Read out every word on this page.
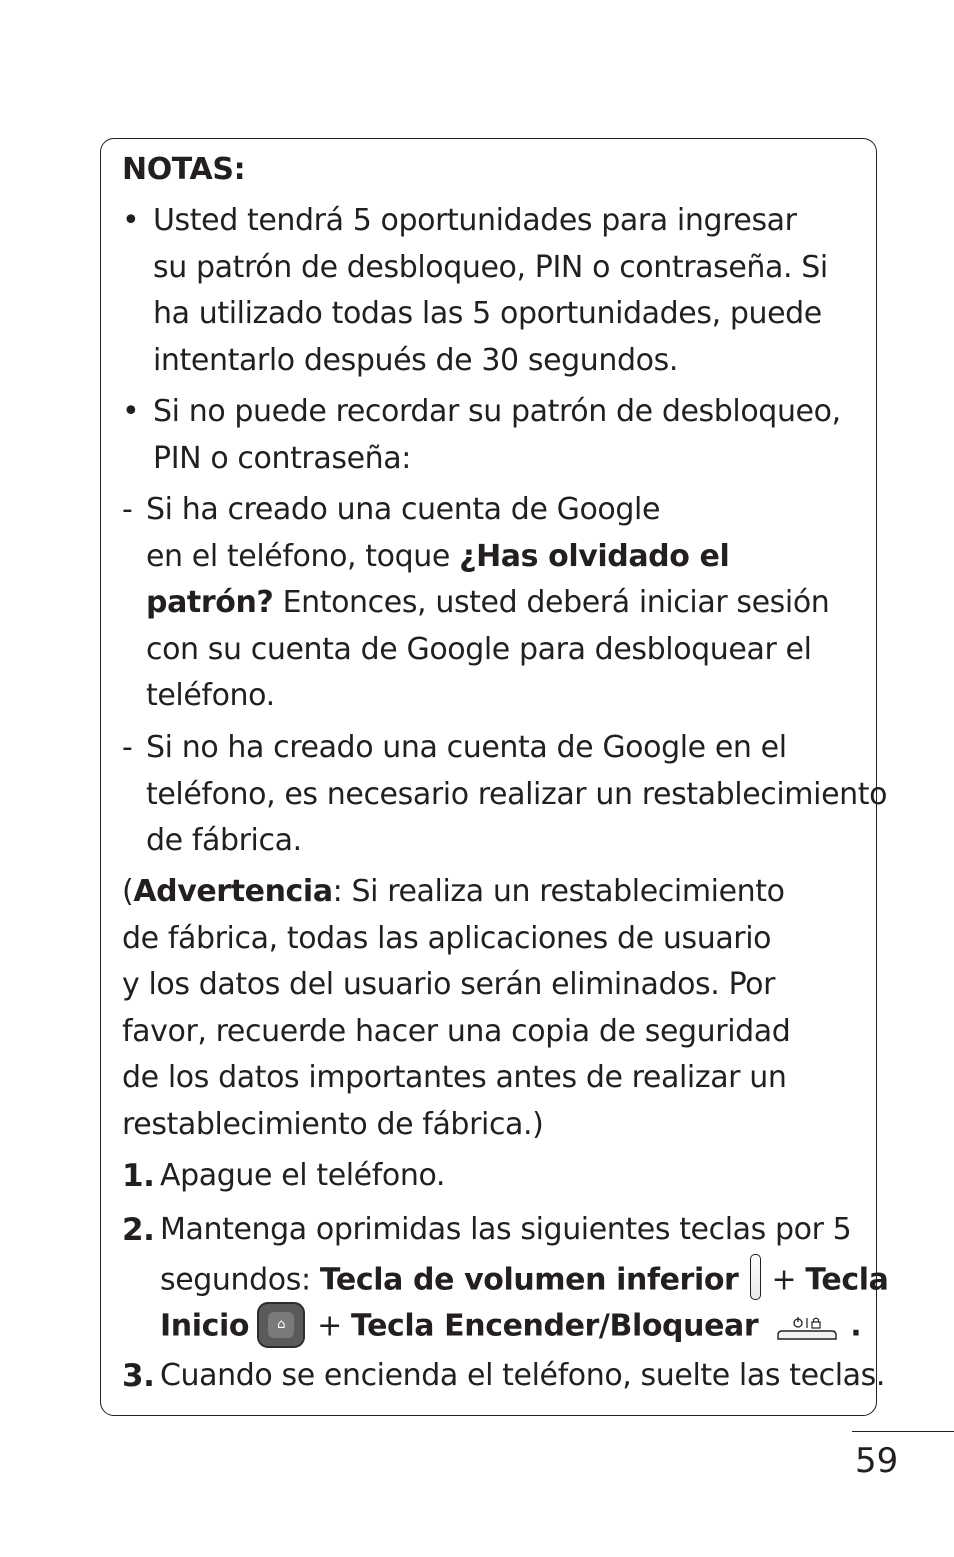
NOTAS:
• Usted tendrá 5 oportunidades para ingresar
su patrón de desbloqueo, PIN o contraseña. Si
ha utilizado todas las 5 oportunidades, puede
intentarlo después de 30 segundos.
• Si no puede recordar su patrón de desbloqueo,
PIN o contraseña:
- Si ha creado una cuenta de Google
en el teléfono, toque ¿Has olvidado el
patrón? Entonces, usted deberá iniciar sesión
con su cuenta de Google para desbloquear el
teléfono.
- Si no ha creado una cuenta de Google en el
teléfono, es necesario realizar un restablecimiento
de fábrica.
(Advertencia: Si realiza un restablecimiento
de fábrica, todas las aplicaciones de usuario
y los datos del usuario serán eliminados. Por
favor, recuerde hacer una copia de seguridad
de los datos importantes antes de realizar un
restablecimiento de fábrica.)
1. Apague el teléfono.
2. Mantenga oprimidas las siguientes teclas por 5
segundos: Tecla de volumen inferior + Tecla
Inicio	⌂	+ Tecla Encender/Bloquear	.
3. Cuando se encienda el teléfono, suelte las teclas.
59
